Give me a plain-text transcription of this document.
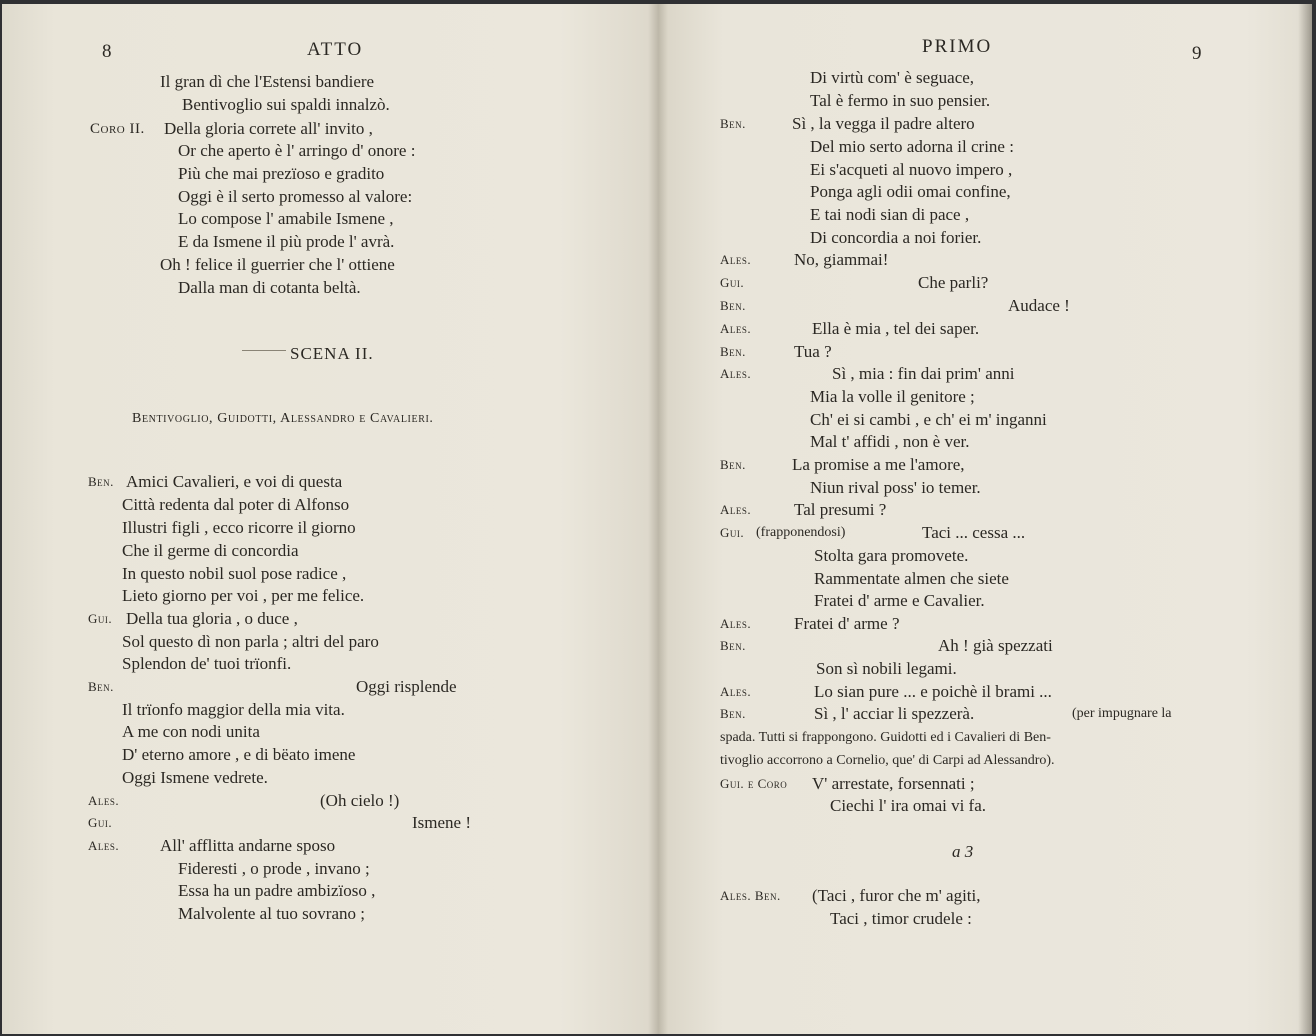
8	ATTO
Il gran dì che l'Estensi bandiere
Bentivoglio sui spaldi innalzò.
Coro II. Della gloria correte all' invito ,
Or che aperto è l' arringo d' onore :
Più che mai prezïoso e gradito
Oggi è il serto promesso al valore:
Lo compose l' amabile Ismene ,
E da Ismene il più prode l' avrà.
Oh ! felice il guerrier che l' ottiene
Dalla man di cotanta beltà.
SCENA II.
Bentivoglio, Guidotti, Alessandro e Cavalieri.
Ben. Amici Cavalieri, e voi di questa
Città redenta dal poter di Alfonso
Illustri figli , ecco ricorre il giorno
Che il germe di concordia
In questo nobil suol pose radice ,
Lieto giorno per voi , per me felice.
Gui. Della tua gloria , o duce ,
Sol questo dì non parla ; altri del paro
Splendon de' tuoi trïonfi.
Ben.	Oggi risplende
Il trïonfo maggior della mia vita.
A me con nodi unita
D' eterno amore , e di bëato imene
Oggi Ismene vedrete.
Ales.	(Oh cielo !)
Gui.	Ismene !
Ales. All' afflitta andarne sposo
Fideresti , o prode , invano ;
Essa ha un padre ambizïoso ,
Malvolente al tuo sovrano ;
PRIMO	9
Di virtù com' è seguace,
Tal è fermo in suo pensier.
Ben.	Sì , la vegga il padre altero
Del mio serto adorna il crine :
Ei s'acqueti al nuovo impero ,
Ponga agli odii omai confine,
E tai nodi sian di pace ,
Di concordia a noi forier.
Ales.	No, giammai!
Gui.	Che parli?
Ben.	Audace !
Ales.	Ella è mia , tel dei saper.
Ben.	Tua ?
Ales.	Sì , mia : fin dai prim' anni
Mia la volle il genitore ;
Ch' ei si cambi , e ch' ei m' inganni
Mal t' affidi , non è ver.
Ben.	La promise a me l'amore,
Niun rival poss' io temer.
Ales.	Tal presumi ?
Gui. (frapponendosi)	Taci ... cessa ...
Stolta gara promovete.
Rammentate almen che siete
Fratei d' arme e Cavalier.
Ales.	Fratei d' arme ?
Ben.	Ah ! già spezzati
Son sì nobili legami.
Ales.	Lo sian pure ... e poichè il brami ...
Ben.	Sì , l' acciar li spezzerà.	(per impugnare la
spada. Tutti si frappongono. Guidotti ed i Cavalieri di Ben-
tivoglio accorrono a Cornelio, que' di Carpi ad Alessandro).
Gui. e Coro V' arrestate, forsennati ;
Ciechi l' ira omai vi fa.
a 3
Ales. Ben. (Taci , furor che m' agiti,
Taci , timor crudele :
